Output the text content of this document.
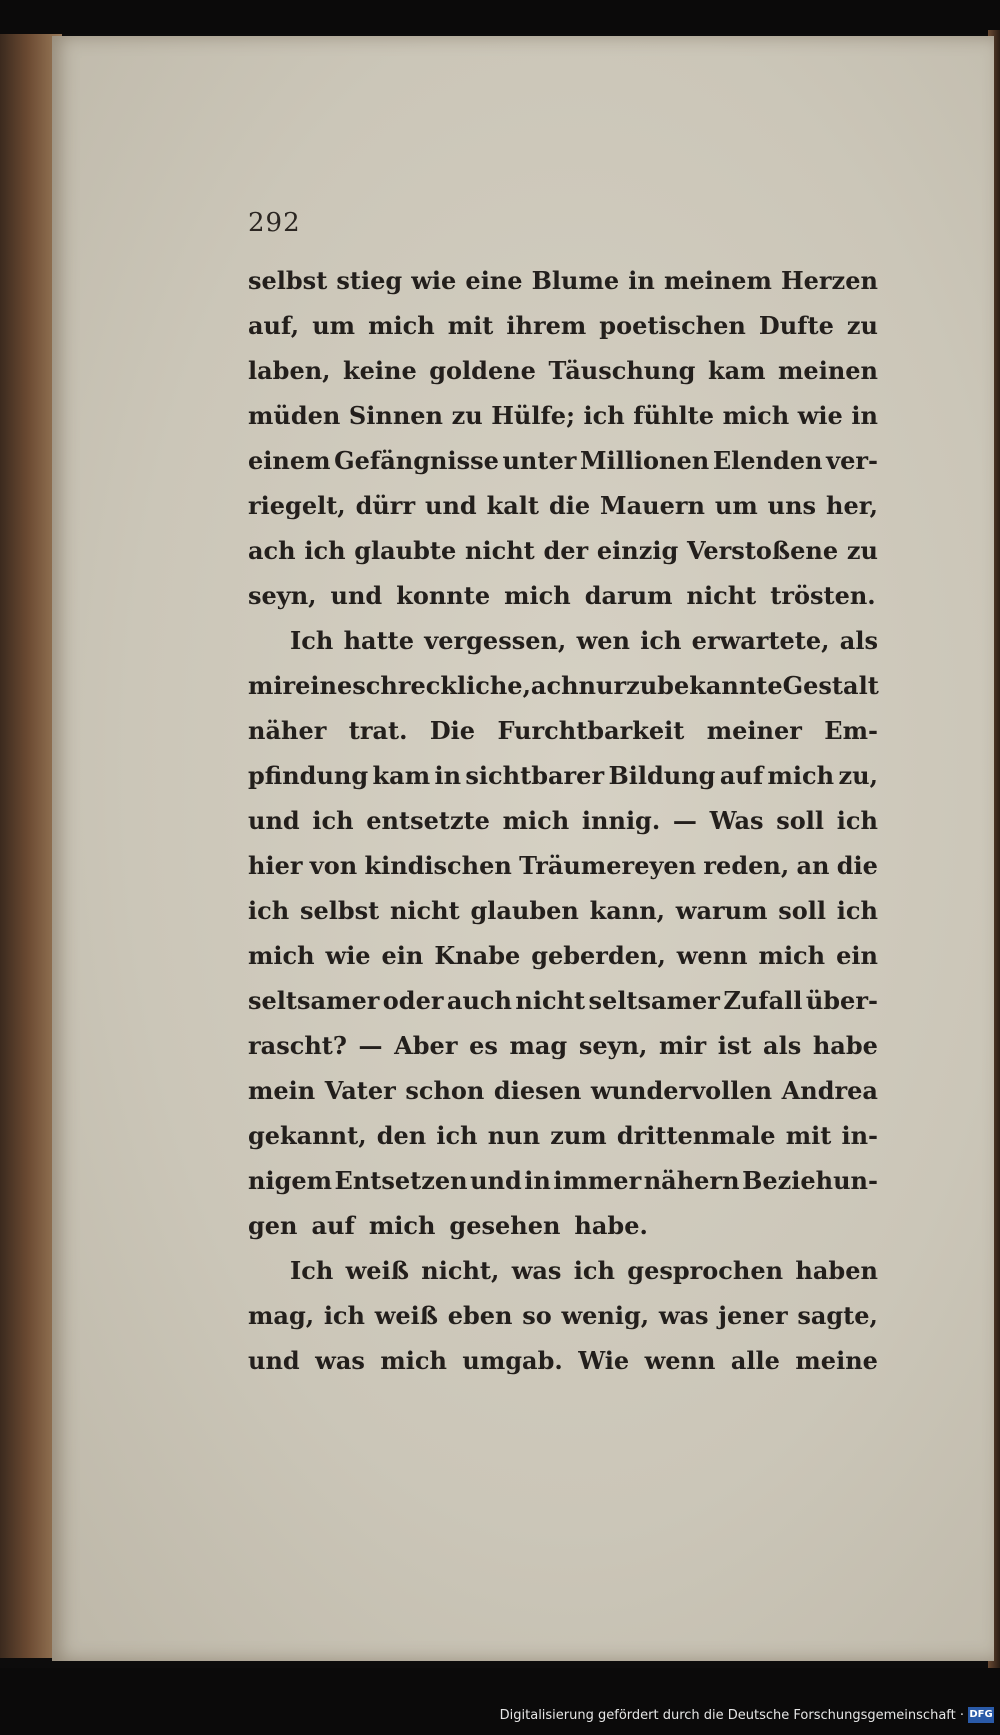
292
selbst stieg wie eine Blume in meinem Herzen
auf, um mich mit ihrem poetischen Dufte zu
laben, keine goldene Täuschung kam meinen
müden Sinnen zu Hülfe; ich fühlte mich wie in
einem Gefängnisse unter Millionen Elenden ver-
riegelt, dürr und kalt die Mauern um uns her,
ach ich glaubte nicht der einzig Verstoßene zu
seyn, und konnte mich darum nicht trösten.
Ich hatte vergessen, wen ich erwartete, als
mir eine schreckliche, ach nur zu bekannte Gestalt
näher trat. Die Furchtbarkeit meiner Em-
pfindung kam in sichtbarer Bildung auf mich zu,
und ich entsetzte mich innig. — Was soll ich
hier von kindischen Träumereyen reden, an die
ich selbst nicht glauben kann, warum soll ich
mich wie ein Knabe geberden, wenn mich ein
seltsamer oder auch nicht seltsamer Zufall über-
rascht? — Aber es mag seyn, mir ist als habe
mein Vater schon diesen wundervollen Andrea
gekannt, den ich nun zum drittenmale mit in-
nigem Entsetzen und in immer nähern Beziehun-
gen auf mich gesehen habe.
Ich weiß nicht, was ich gesprochen haben
mag, ich weiß eben so wenig, was jener sagte,
und was mich umgab. Wie wenn alle meine
Digitalisierung gefördert durch die Deutsche Forschungsgemeinschaft · DFG
